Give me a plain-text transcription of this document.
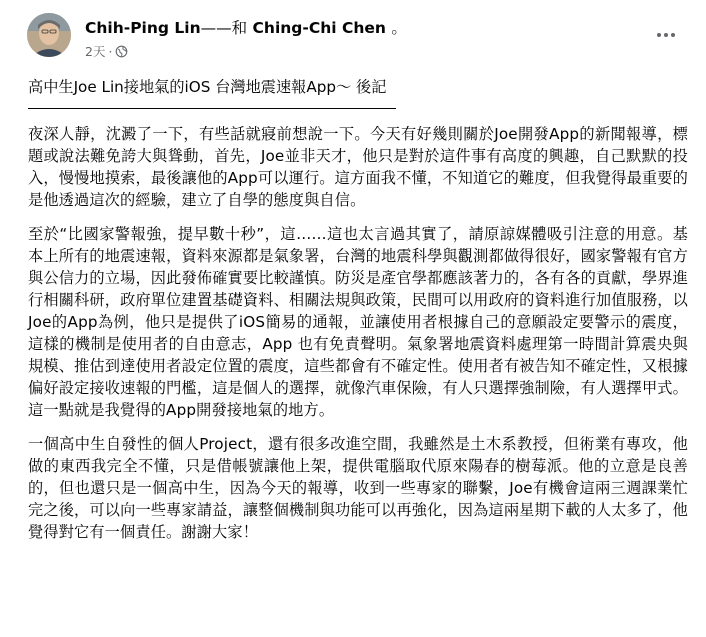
Chih-Ping Lin——和 Ching-Chi Chen 。
2天 ·

高中生Joe Lin接地氣的iOS 台灣地震速報App～ 後記

夜深人靜，沈澱了一下，有些話就寢前想說一下。今天有好幾則關於Joe開發App的新聞報導，標題或說法難免誇大與聳動，首先，Joe並非天才，他只是對於這件事有高度的興趣，自己默默的投入，慢慢地摸索，最後讓他的App可以運行。這方面我不懂，不知道它的難度，但我覺得最重要的是他透過這次的經驗，建立了自學的態度與自信。

至於“比國家警報強，提早數十秒”，這……這也太言過其實了，請原諒媒體吸引注意的用意。基本上所有的地震速報，資料來源都是氣象署，台灣的地震科學與觀測都做得很好，國家警報有官方與公信力的立場，因此發佈確實要比較謹慎。防災是產官學都應該著力的，各有各的貢獻，學界進行相關科研，政府單位建置基礎資料、相關法規與政策，民間可以用政府的資料進行加值服務，以Joe的App為例，他只是提供了iOS簡易的通報，並讓使用者根據自己的意願設定要警示的震度，這樣的機制是使用者的自由意志，App 也有免責聲明。氣象署地震資料處理第一時間計算震央與規模、推估到達使用者設定位置的震度，這些都會有不確定性。使用者有被告知不確定性，又根據偏好設定接收速報的門檻，這是個人的選擇，就像汽車保險，有人只選擇強制險，有人選擇甲式。這一點就是我覺得的App開發接地氣的地方。

一個高中生自發性的個人Project，還有很多改進空間，我雖然是土木系教授，但術業有專攻，他做的東西我完全不懂，只是借帳號讓他上架，提供電腦取代原來陽春的樹莓派。他的立意是良善的，但也還只是一個高中生，因為今天的報導，收到一些專家的聯繫，Joe有機會這兩三週課業忙完之後，可以向一些專家請益，讓整個機制與功能可以再強化，因為這兩星期下載的人太多了，他覺得對它有一個責任。謝謝大家！
